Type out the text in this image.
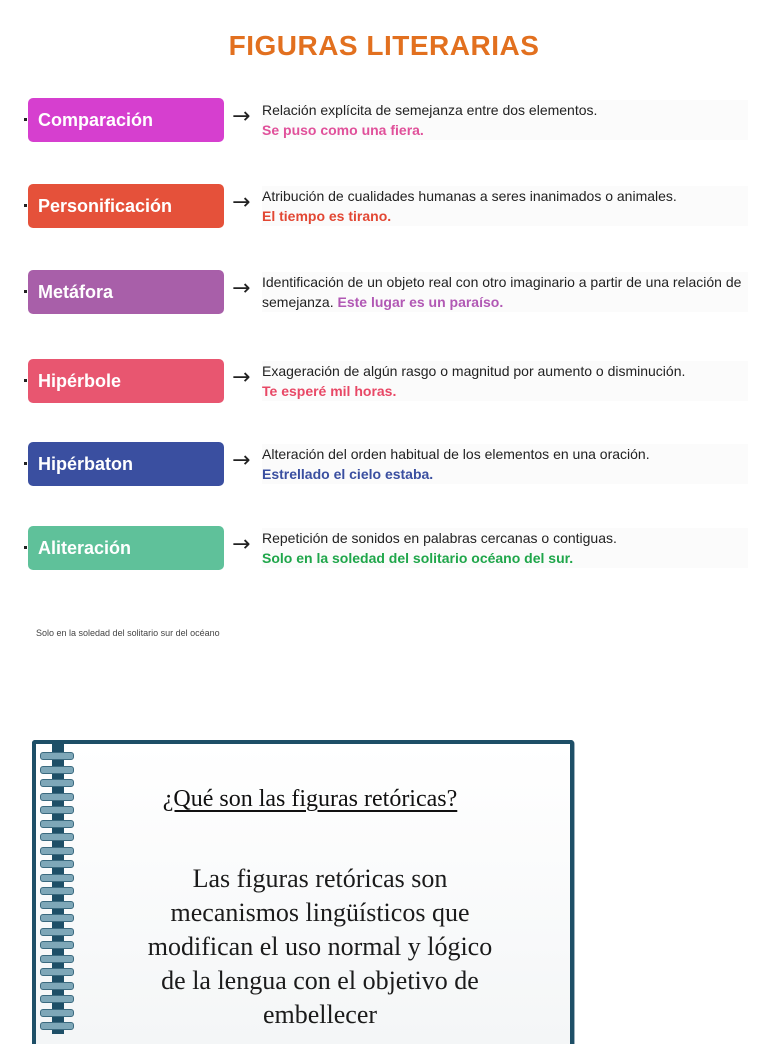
FIGURAS LITERARIAS
Comparación	→ Relación explícita de semejanza entre dos elementos.
Se puso como una fiera.
Personificación	→ Atribución de cualidades humanas a seres inanimados o animales.
El tiempo es tirano.
Metáfora	→ Identificación de un objeto real con otro imaginario a partir de una relación de semejanza. Este lugar es un paraíso.
Hipérbole	→ Exageración de algún rasgo o magnitud por aumento o disminución.
Te esperé mil horas.
Hipérbaton	→ Alteración del orden habitual de los elementos en una oración.
Estrellado el cielo estaba.
Aliteración	→ Repetición de sonidos en palabras cercanas o contiguas.
Solo en la soledad del solitario océano del sur.
Solo en la soledad del solitario sur del océano
¿Qué son las figuras retóricas?
Las figuras retóricas son mecanismos lingüísticos que modifican el uso normal y lógico de la lengua con el objetivo de embellecer
